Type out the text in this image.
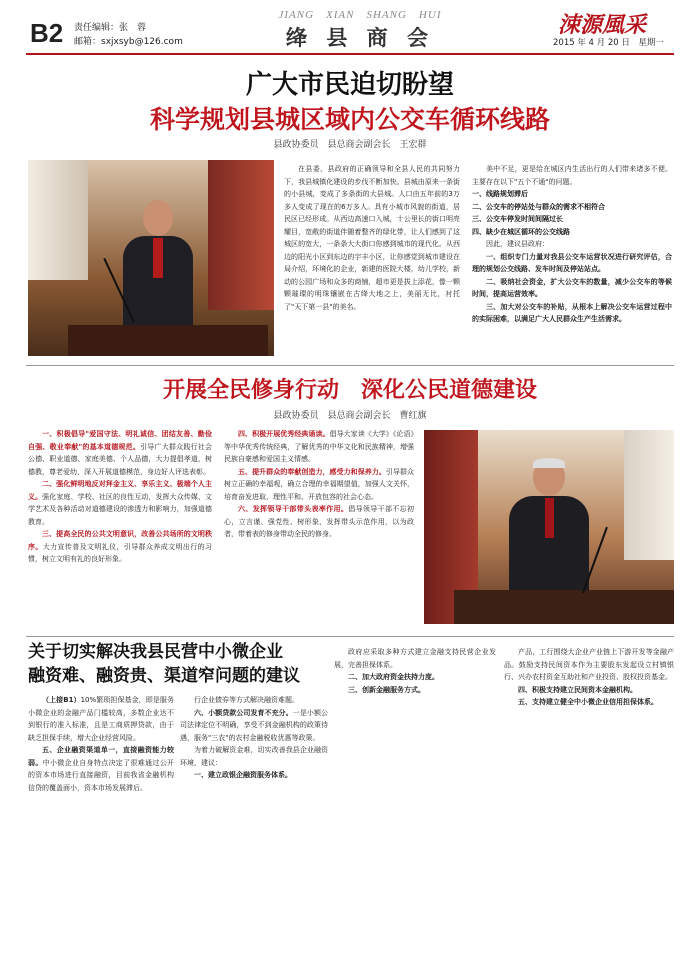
B2 责任编辑：张　蓉
邮箱：sxjxsyb@126.com
JIANG　XIAN　SHANG　HUI
绛 县 商 会	涑源風采
2015 年 4 月 20 日　星期一
广大市民迫切盼望
科学规划县城区域内公交车循环线路
县政协委员　县总商会副会长　王宏群

在县委、县政府的正确领导和全县人民的共同努力下，我县城镇化建设的步伐不断加快。县城由原来一条街的小县城，变成了多条街的大县城。人口由五年前的3万多人变成了现在的6万多人。具有小城市风貌的街道，居民区已经形成。从西边高速口入城，十公里长的街口明亮耀目，宽敞的街道伴随着整齐的绿化带，让人们感到了这城区的宽大，一条条大大街口你感到城市的现代化。从西边的阳光小区到东边的宇丰小区，让你感觉到城市建设在局介绍，环境化的企业，新建的医院大楼，幼儿学校，新动的公园广场和众多的商铺，超市更是拔上添花，像一颗颗璀璨的明珠镶嵌在古绛大地之上，美丽无比，衬托了"天下第一县"的美名。

美中不足，更是给在城区内生活出行的人们带来诸多不便。主要存在以下"五个不通"的问题。

一、线路规划滞后
二、公交车的停站处与群众的需求不相符合
三、公交车停发时间间隔过长
四、缺少在城区循环的公交线路

因此，建议县政府：

一、组织专门力量对我县公交车运营状况进行研究评估，合理的规划公交线路、发车时间及停站站点。

二、吸纳社会资金，扩大公交车的数量，减少公交车的等候时间，提高运营效率。

三、加大对公交车的补贴，从根本上解决公交车运营过程中的实际困难，以满足广大人民群众生产生活需求。

开展全民修身行动　深化公民道德建设
县政协委员　县总商会副会长　曹红旗

一、积极倡导"爱国守法、明礼诚信、团结友善、勤俭自强、敬业奉献"的基本道德规范。引导广大群众践行社会公德、职业道德、家庭美德、个人品德，大力提倡孝道，树德教，尊老爱幼，深入开展道德模范，身边好人评选表彰。

二、强化鲜明地反对拜金主义、享乐主义、极端个人主义。强化家庭、学校、社区的良性互动，发挥大众传媒、文学艺术及各种活动对道德建设的渗透力和影响力，加强道德教育。

三、提高全民的公共文明意识，改善公共场所的文明秩序。大力宣传普及文明礼仪，引导群众养成文明出行的习惯，树立文明有礼的良好形象。

四、积极开展优秀经典诵读。倡导大家读《大学》《论语》等中华优秀传统经典，了解优秀的中华文化和民族精神，增强民族自豪感和爱国主义情感。

五、提升群众的奉献创造力，感受力和保养力。引导群众树立正确的幸福观，确立合理的幸福期望值，加强人文关怀，培育奋发进取、理性平和、开放包容的社会心态。

六、发挥领导干部带头表率作用。倡导领导干部不忘初心，立言谨、强党性、树形象，发挥带头示范作用，以为政者，带着表的修身带动全民的修身。

关于切实解决我县民营中小微企业
融资难、融资贵、渠道窄问题的建议

（上接B1）10%繁琐担保基金，即是服务小微企业的金融产品门槛较高，多数企业达不到银行的准入标准，且是工商质押贷款，由于缺乏担保手续，增大企业经营风险。

五、企业融资渠道单一，直接融资能力较弱。中小微企业自身特点决定了很难通过公开的资本市场进行直接融资，目前我省金融机构信贷的覆盖面小，资本市场发展滞后。

行企业债券等方式解决融资难题。

六、小额贷款公司发育不充分。一是小额公司法律定位不明确，享受不到金融机构的政策待遇，服务"三农"的农村金融税收优惠等政策。

为着力破解资金难，切实改善我县企业融资环境，建议：

一、建立政银企融资服务体系。

政府应采取多种方式建立金融支持民营企业发展，完善担保体系。

二、加大政府资金扶持力度。

三、创新金融服务方式。

产品，工行围绕大企业产业链上下游开发等金融产品。鼓励支持民间资本作为主要股东发起设立村镇银行、兴办农村资金互助社和产业投资、股权投资基金。

四、积极支持建立民间资本金融机构。

五、支持建立健全中小微企业信用担保体系。
